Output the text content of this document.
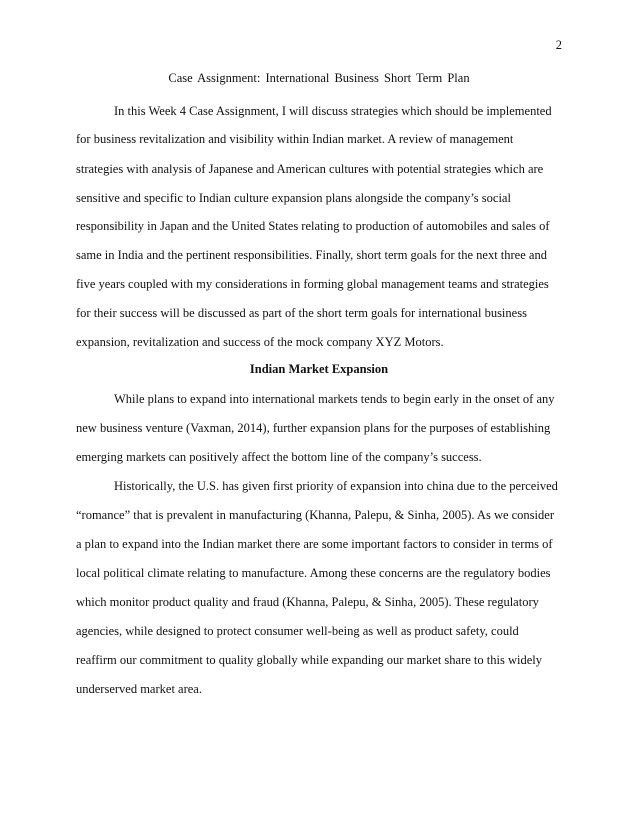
2
Case Assignment: International Business Short Term Plan
In this Week 4 Case Assignment, I will discuss strategies which should be implemented
for business revitalization and visibility within Indian market. A review of management
strategies with analysis of Japanese and American cultures with potential strategies which are
sensitive and specific to Indian culture expansion plans alongside the company’s social
responsibility in Japan and the United States relating to production of automobiles and sales of
same in India and the pertinent responsibilities. Finally, short term goals for the next three and
five years coupled with my considerations in forming global management teams and strategies
for their success will be discussed as part of the short term goals for international business
expansion, revitalization and success of the mock company XYZ Motors.
Indian Market Expansion
While plans to expand into international markets tends to begin early in the onset of any
new business venture (Vaxman, 2014), further expansion plans for the purposes of establishing
emerging markets can positively affect the bottom line of the company’s success.
Historically, the U.S. has given first priority of expansion into china due to the perceived
“romance” that is prevalent in manufacturing (Khanna, Palepu, & Sinha, 2005). As we consider
a plan to expand into the Indian market there are some important factors to consider in terms of
local political climate relating to manufacture. Among these concerns are the regulatory bodies
which monitor product quality and fraud (Khanna, Palepu, & Sinha, 2005). These regulatory
agencies, while designed to protect consumer well-being as well as product safety, could
reaffirm our commitment to quality globally while expanding our market share to this widely
underserved market area.
